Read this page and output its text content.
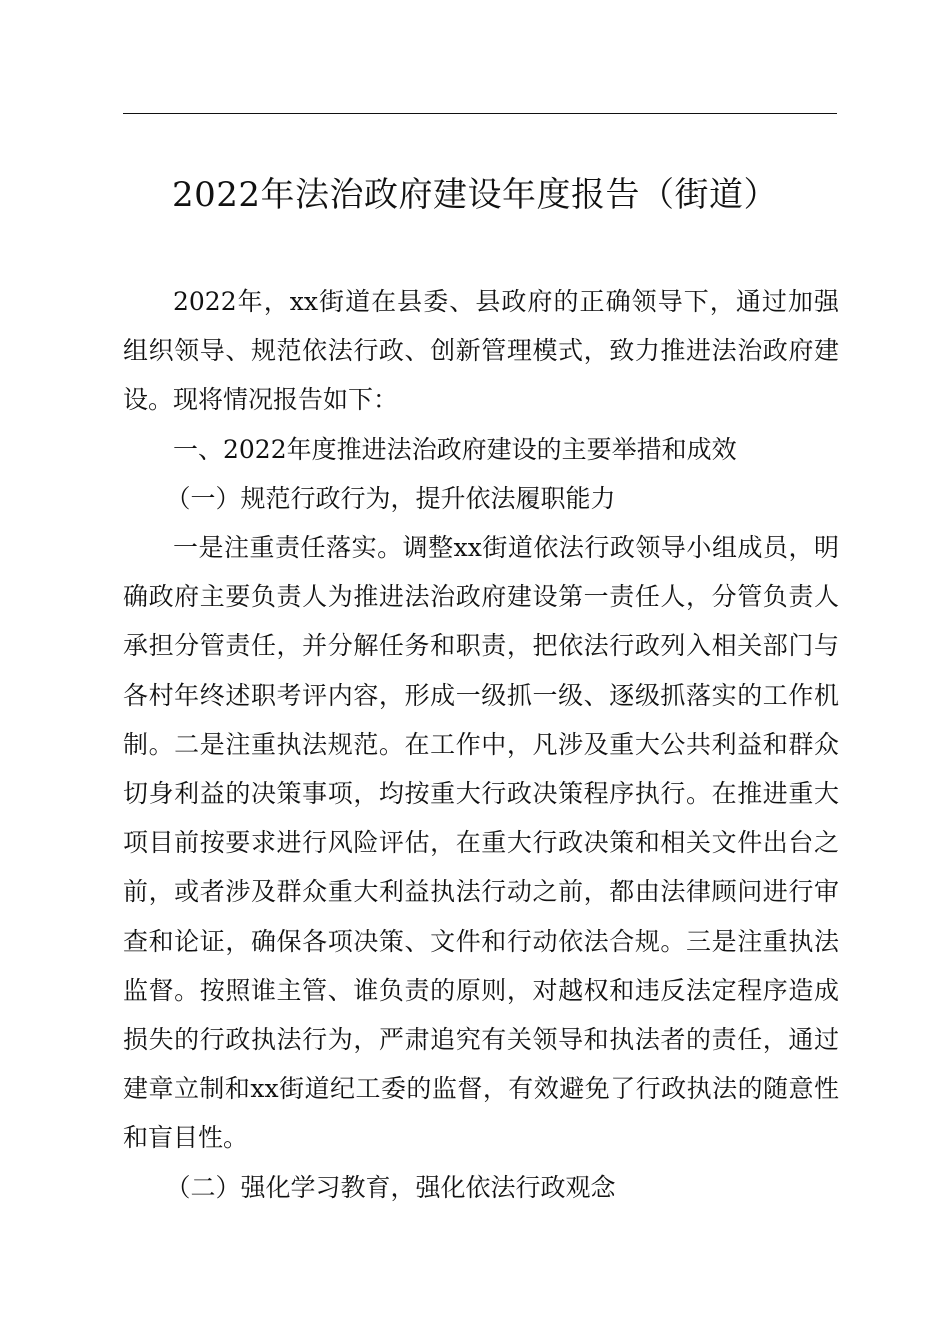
2022年法治政府建设年度报告（街道）

2022年，xx街道在县委、县政府的正确领导下，通过加强组织领导、规范依法行政、创新管理模式，致力推进法治政府建设。现将情况报告如下：

一、2022年度推进法治政府建设的主要举措和成效

（一）规范行政行为，提升依法履职能力

一是注重责任落实。调整xx街道依法行政领导小组成员，明确政府主要负责人为推进法治政府建设第一责任人，分管负责人承担分管责任，并分解任务和职责，把依法行政列入相关部门与各村年终述职考评内容，形成一级抓一级、逐级抓落实的工作机制。二是注重执法规范。在工作中，凡涉及重大公共利益和群众切身利益的决策事项，均按重大行政决策程序执行。在推进重大项目前按要求进行风险评估，在重大行政决策和相关文件出台之前，或者涉及群众重大利益执法行动之前，都由法律顾问进行审查和论证，确保各项决策、文件和行动依法合规。三是注重执法监督。按照谁主管、谁负责的原则，对越权和违反法定程序造成损失的行政执法行为，严肃追究有关领导和执法者的责任，通过建章立制和xx街道纪工委的监督，有效避免了行政执法的随意性和盲目性。

（二）强化学习教育，强化依法行政观念
